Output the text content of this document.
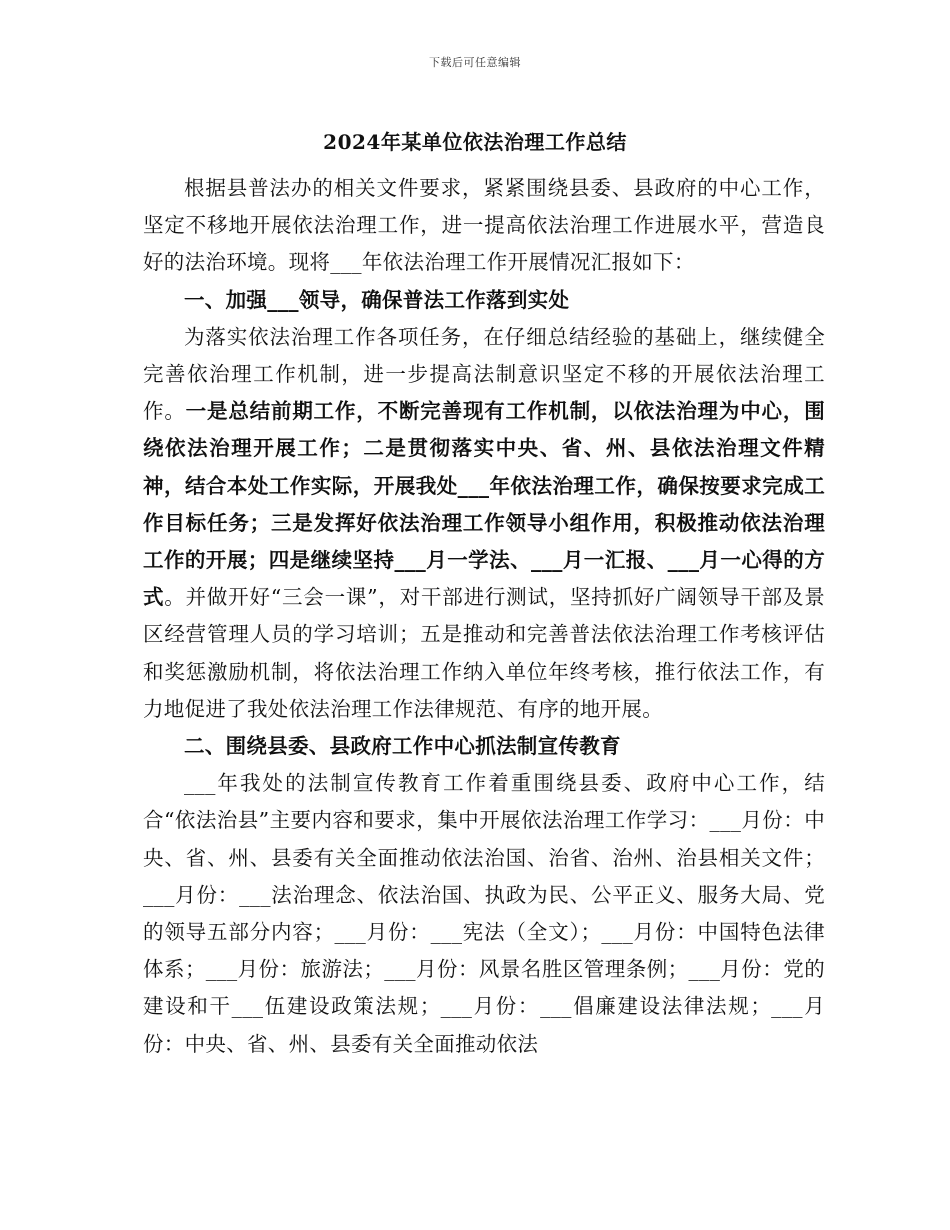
下载后可任意编辑
2024年某单位依法治理工作总结

根据县普法办的相关文件要求，紧紧围绕县委、县政府的中心工作，坚定不移地开展依法治理工作，进一提高依法治理工作进展水平，营造良好的法治环境。现将___年依法治理工作开展情况汇报如下：

一、加强___领导，确保普法工作落到实处

为落实依法治理工作各项任务，在仔细总结经验的基础上，继续健全完善依治理工作机制，进一步提高法制意识坚定不移的开展依法治理工作。一是总结前期工作，不断完善现有工作机制，以依法治理为中心，围绕依法治理开展工作；二是贯彻落实中央、省、州、县依法治理文件精神，结合本处工作实际，开展我处___年依法治理工作，确保按要求完成工作目标任务；三是发挥好依法治理工作领导小组作用，积极推动依法治理工作的开展；四是继续坚持___月一学法、___月一汇报、___月一心得的方式。并做开好“三会一课”，对干部进行测试，坚持抓好广阔领导干部及景区经营管理人员的学习培训；五是推动和完善普法依法治理工作考核评估和奖惩激励机制，将依法治理工作纳入单位年终考核，推行依法工作，有力地促进了我处依法治理工作法律规范、有序的地开展。

二、围绕县委、县政府工作中心抓法制宣传教育

___年我处的法制宣传教育工作着重围绕县委、政府中心工作，结合“依法治县”主要内容和要求，集中开展依法治理工作学习：___月份：中央、省、州、县委有关全面推动依法治国、治省、治州、治县相关文件；___月份：___法治理念、依法治国、执政为民、公平正义、服务大局、党的领导五部分内容；___月份：___宪法（全文）；___月份：中国特色法律体系；___月份：旅游法；___月份：风景名胜区管理条例；___月份：党的建设和干___伍建设政策法规；___月份：___倡廉建设法律法规；___月份：中央、省、州、县委有关全面推动依法
